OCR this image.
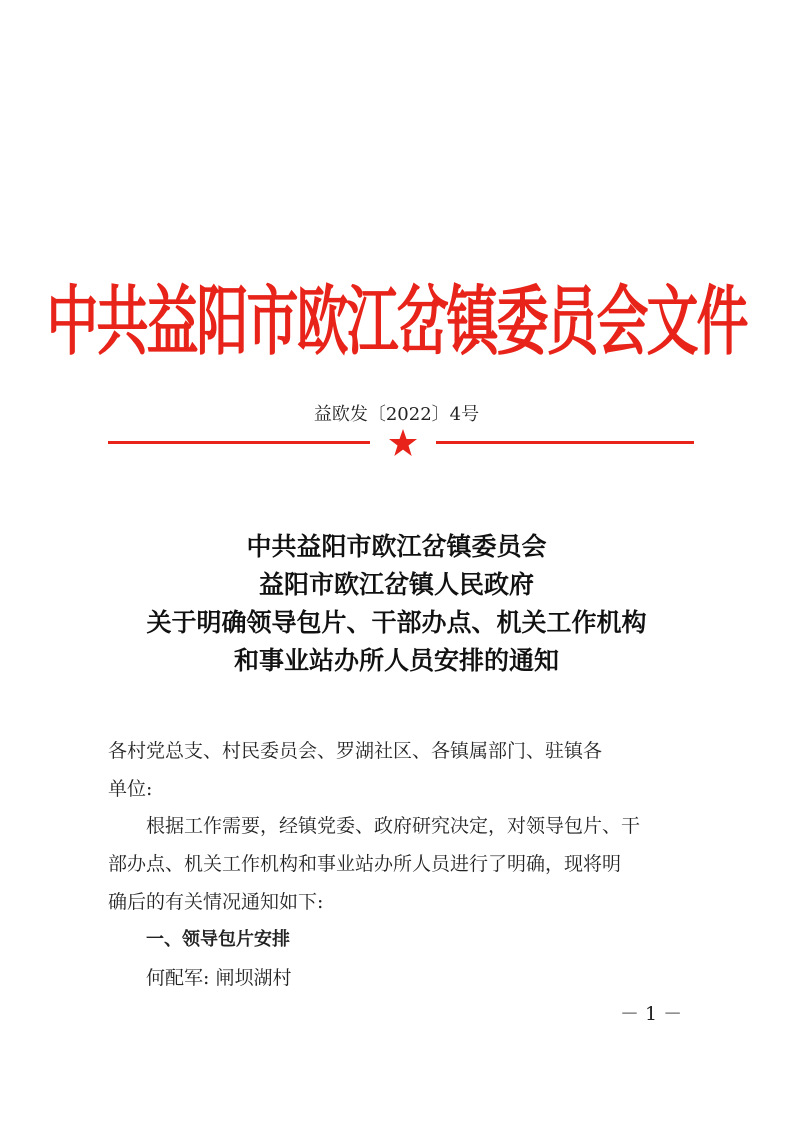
中共益阳市欧江岔镇委员会文件
益欧发〔2022〕4号
中共益阳市欧江岔镇委员会
益阳市欧江岔镇人民政府
关于明确领导包片、干部办点、机关工作机构
和事业站办所人员安排的通知
各村党总支、村民委员会、罗湖社区、各镇属部门、驻镇各
单位:
根据工作需要，经镇党委、政府研究决定，对领导包片、干
部办点、机关工作机构和事业站办所人员进行了明确，现将明
确后的有关情况通知如下:
一、领导包片安排
何配军: 闸坝湖村
－ 1 －
